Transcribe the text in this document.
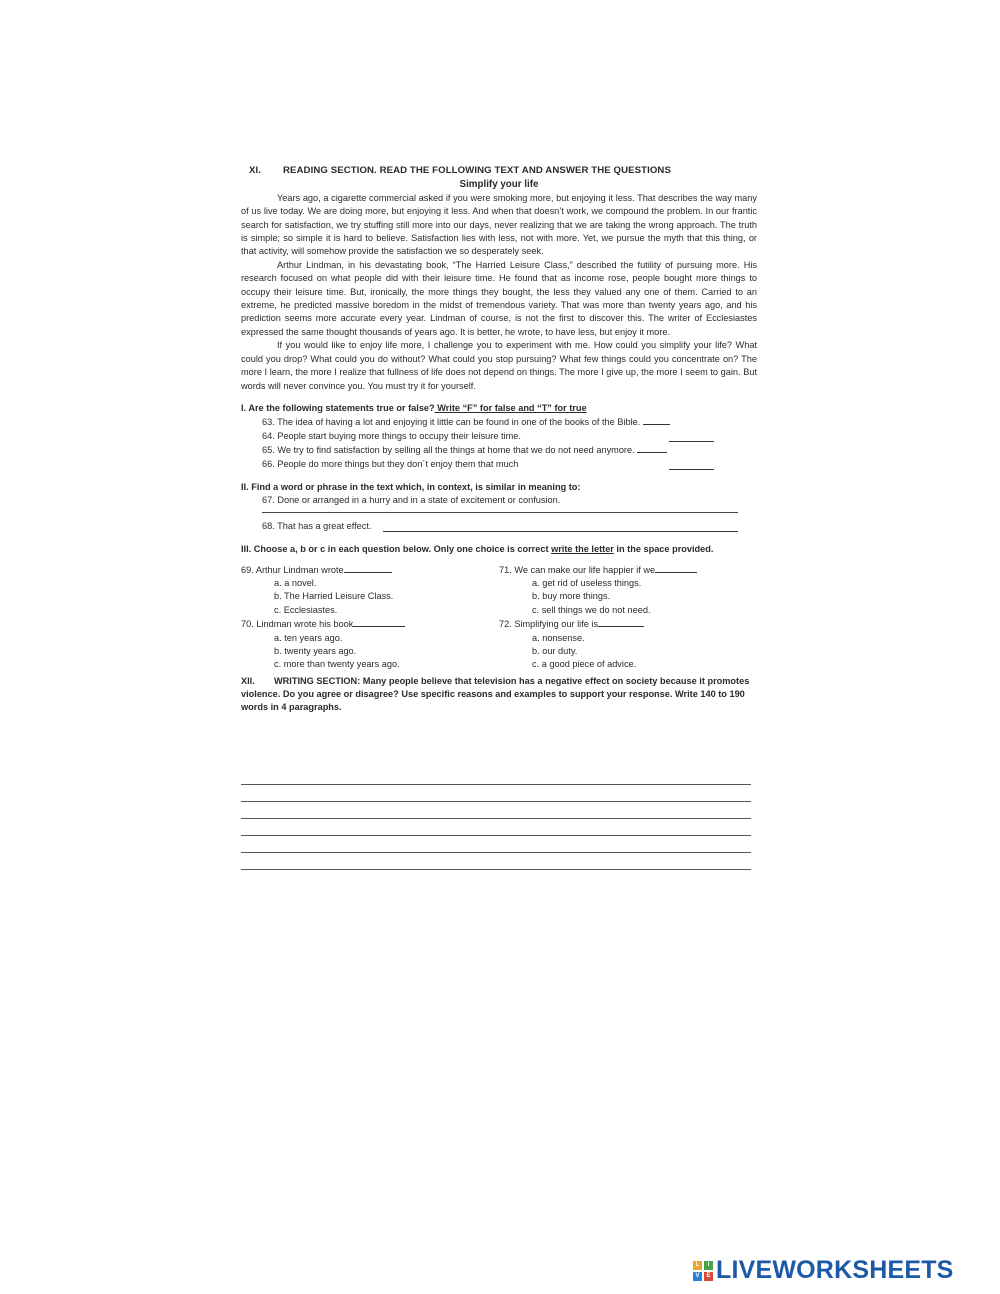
XI. READING SECTION. READ THE FOLLOWING TEXT AND ANSWER THE QUESTIONS
Simplify your life

Years ago, a cigarette commercial asked if you were smoking more, but enjoying it less. That describes the way many of us live today. We are doing more, but enjoying it less. And when that doesn’t work, we compound the problem. In our frantic search for satisfaction, we try stuffing still more into our days, never realizing that we are taking the wrong approach. The truth is simple; so simple it is hard to believe. Satisfaction lies with less, not with more. Yet, we pursue the myth that this thing, or that activity, will somehow provide the satisfaction we so desperately seek.

Arthur Lindman, in his devastating book, “The Harried Leisure Class,” described the futility of pursuing more. His research focused on what people did with their leisure time. He found that as income rose, people bought more things to occupy their leisure time. But, ironically, the more things they bought, the less they valued any one of them. Carried to an extreme, he predicted massive boredom in the midst of tremendous variety. That was more than twenty years ago, and his prediction seems more accurate every year. Lindman of course, is not the first to discover this. The writer of Ecclesiastes expressed the same thought thousands of years ago. It is better, he wrote, to have less, but enjoy it more.

If you would like to enjoy life more, I challenge you to experiment with me. How could you simplify your life? What could you drop? What could you do without? What could you stop pursuing? What few things could you concentrate on? The more I learn, the more I realize that fullness of life does not depend on things. The more I give up, the more I seem to gain. But words will never convince you. You must try it for yourself.

I. Are the following statements true or false? Write “F” for false and “T” for true
63. The idea of having a lot and enjoying it little can be found in one of the books of the Bible.
64. People start buying more things to occupy their leisure time.
65. We try to find satisfaction by selling all the things at home that we do not need anymore.
66. People do more things but they don´t enjoy them that much
II. Find a word or phrase in the text which, in context, is similar in meaning to:
67. Done or arranged in a hurry and in a state of excitement or confusion.
68. That has a great effect.
III. Choose a, b or c in each question below. Only one choice is correct write the letter in the space provided.
69. Arthur Lindman wrote
a. a novel.
b. The Harried Leisure Class.
c. Ecclesiastes.
70. Lindman wrote his book
a. ten years ago.
b. twenty years ago.
c. more than twenty years ago.
71. We can make our life happier if we
a. get rid of useless things.
b. buy more things.
c. sell things we do not need.
72. Simplifying our life is
a. nonsense.
b. our duty.
c. a good piece of advice.
XII. WRITING SECTION: Many people believe that television has a negative effect on society because it promotes violence. Do you agree or disagree? Use specific reasons and examples to support your response. Write 140 to 190 words in 4 paragraphs.
L	I
V	E LIVEWORKSHEETS
